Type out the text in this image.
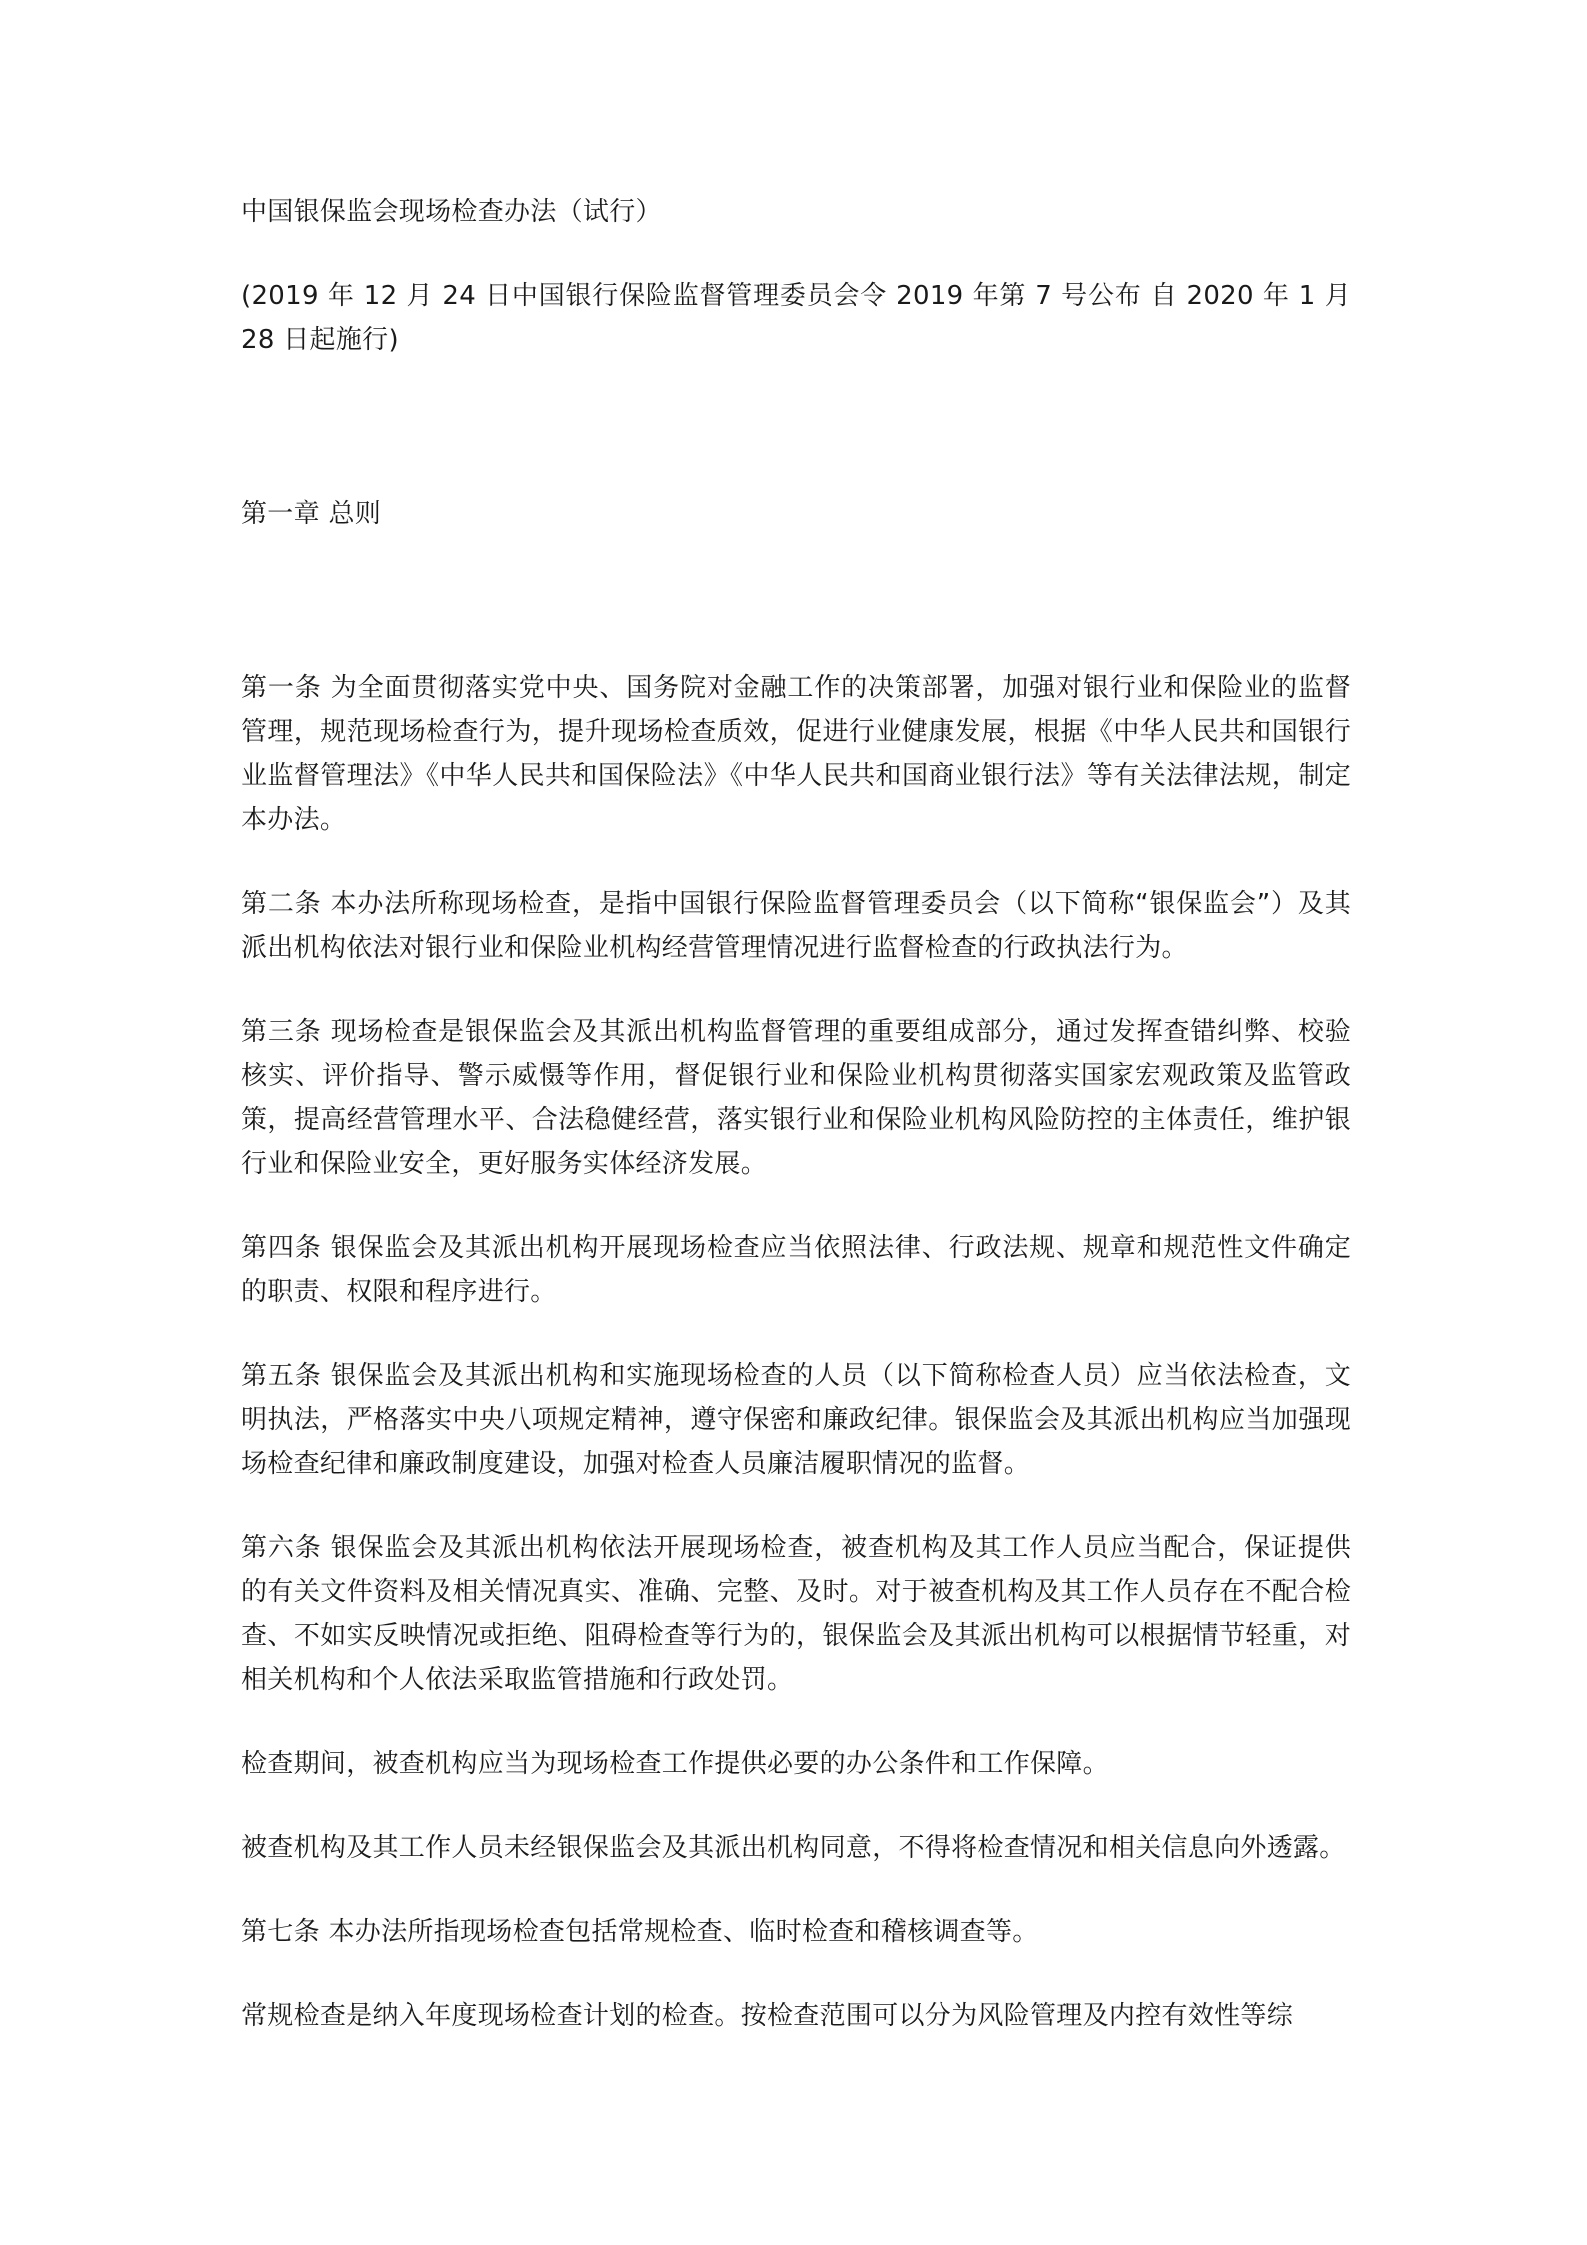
中国银保监会现场检查办法（试行）

(2019 年 12 月 24 日中国银行保险监督管理委员会令 2019 年第 7 号公布 自 2020 年 1 月 28 日起施行)

第一章 总则

第一条 为全面贯彻落实党中央、国务院对金融工作的决策部署，加强对银行业和保险业的监督管理，规范现场检查行为，提升现场检查质效，促进行业健康发展，根据《中华人民共和国银行业监督管理法》《中华人民共和国保险法》《中华人民共和国商业银行法》等有关法律法规，制定本办法。

第二条 本办法所称现场检查，是指中国银行保险监督管理委员会（以下简称“银保监会”）及其派出机构依法对银行业和保险业机构经营管理情况进行监督检查的行政执法行为。

第三条 现场检查是银保监会及其派出机构监督管理的重要组成部分，通过发挥查错纠弊、校验核实、评价指导、警示威慑等作用，督促银行业和保险业机构贯彻落实国家宏观政策及监管政策，提高经营管理水平、合法稳健经营，落实银行业和保险业机构风险防控的主体责任，维护银行业和保险业安全，更好服务实体经济发展。

第四条 银保监会及其派出机构开展现场检查应当依照法律、行政法规、规章和规范性文件确定的职责、权限和程序进行。

第五条 银保监会及其派出机构和实施现场检查的人员（以下简称检查人员）应当依法检查，文明执法，严格落实中央八项规定精神，遵守保密和廉政纪律。银保监会及其派出机构应当加强现场检查纪律和廉政制度建设，加强对检查人员廉洁履职情况的监督。

第六条 银保监会及其派出机构依法开展现场检查，被查机构及其工作人员应当配合，保证提供的有关文件资料及相关情况真实、准确、完整、及时。对于被查机构及其工作人员存在不配合检查、不如实反映情况或拒绝、阻碍检查等行为的，银保监会及其派出机构可以根据情节轻重，对相关机构和个人依法采取监管措施和行政处罚。

检查期间，被查机构应当为现场检查工作提供必要的办公条件和工作保障。

被查机构及其工作人员未经银保监会及其派出机构同意，不得将检查情况和相关信息向外透露。

第七条 本办法所指现场检查包括常规检查、临时检查和稽核调查等。

常规检查是纳入年度现场检查计划的检查。按检查范围可以分为风险管理及内控有效性等综
